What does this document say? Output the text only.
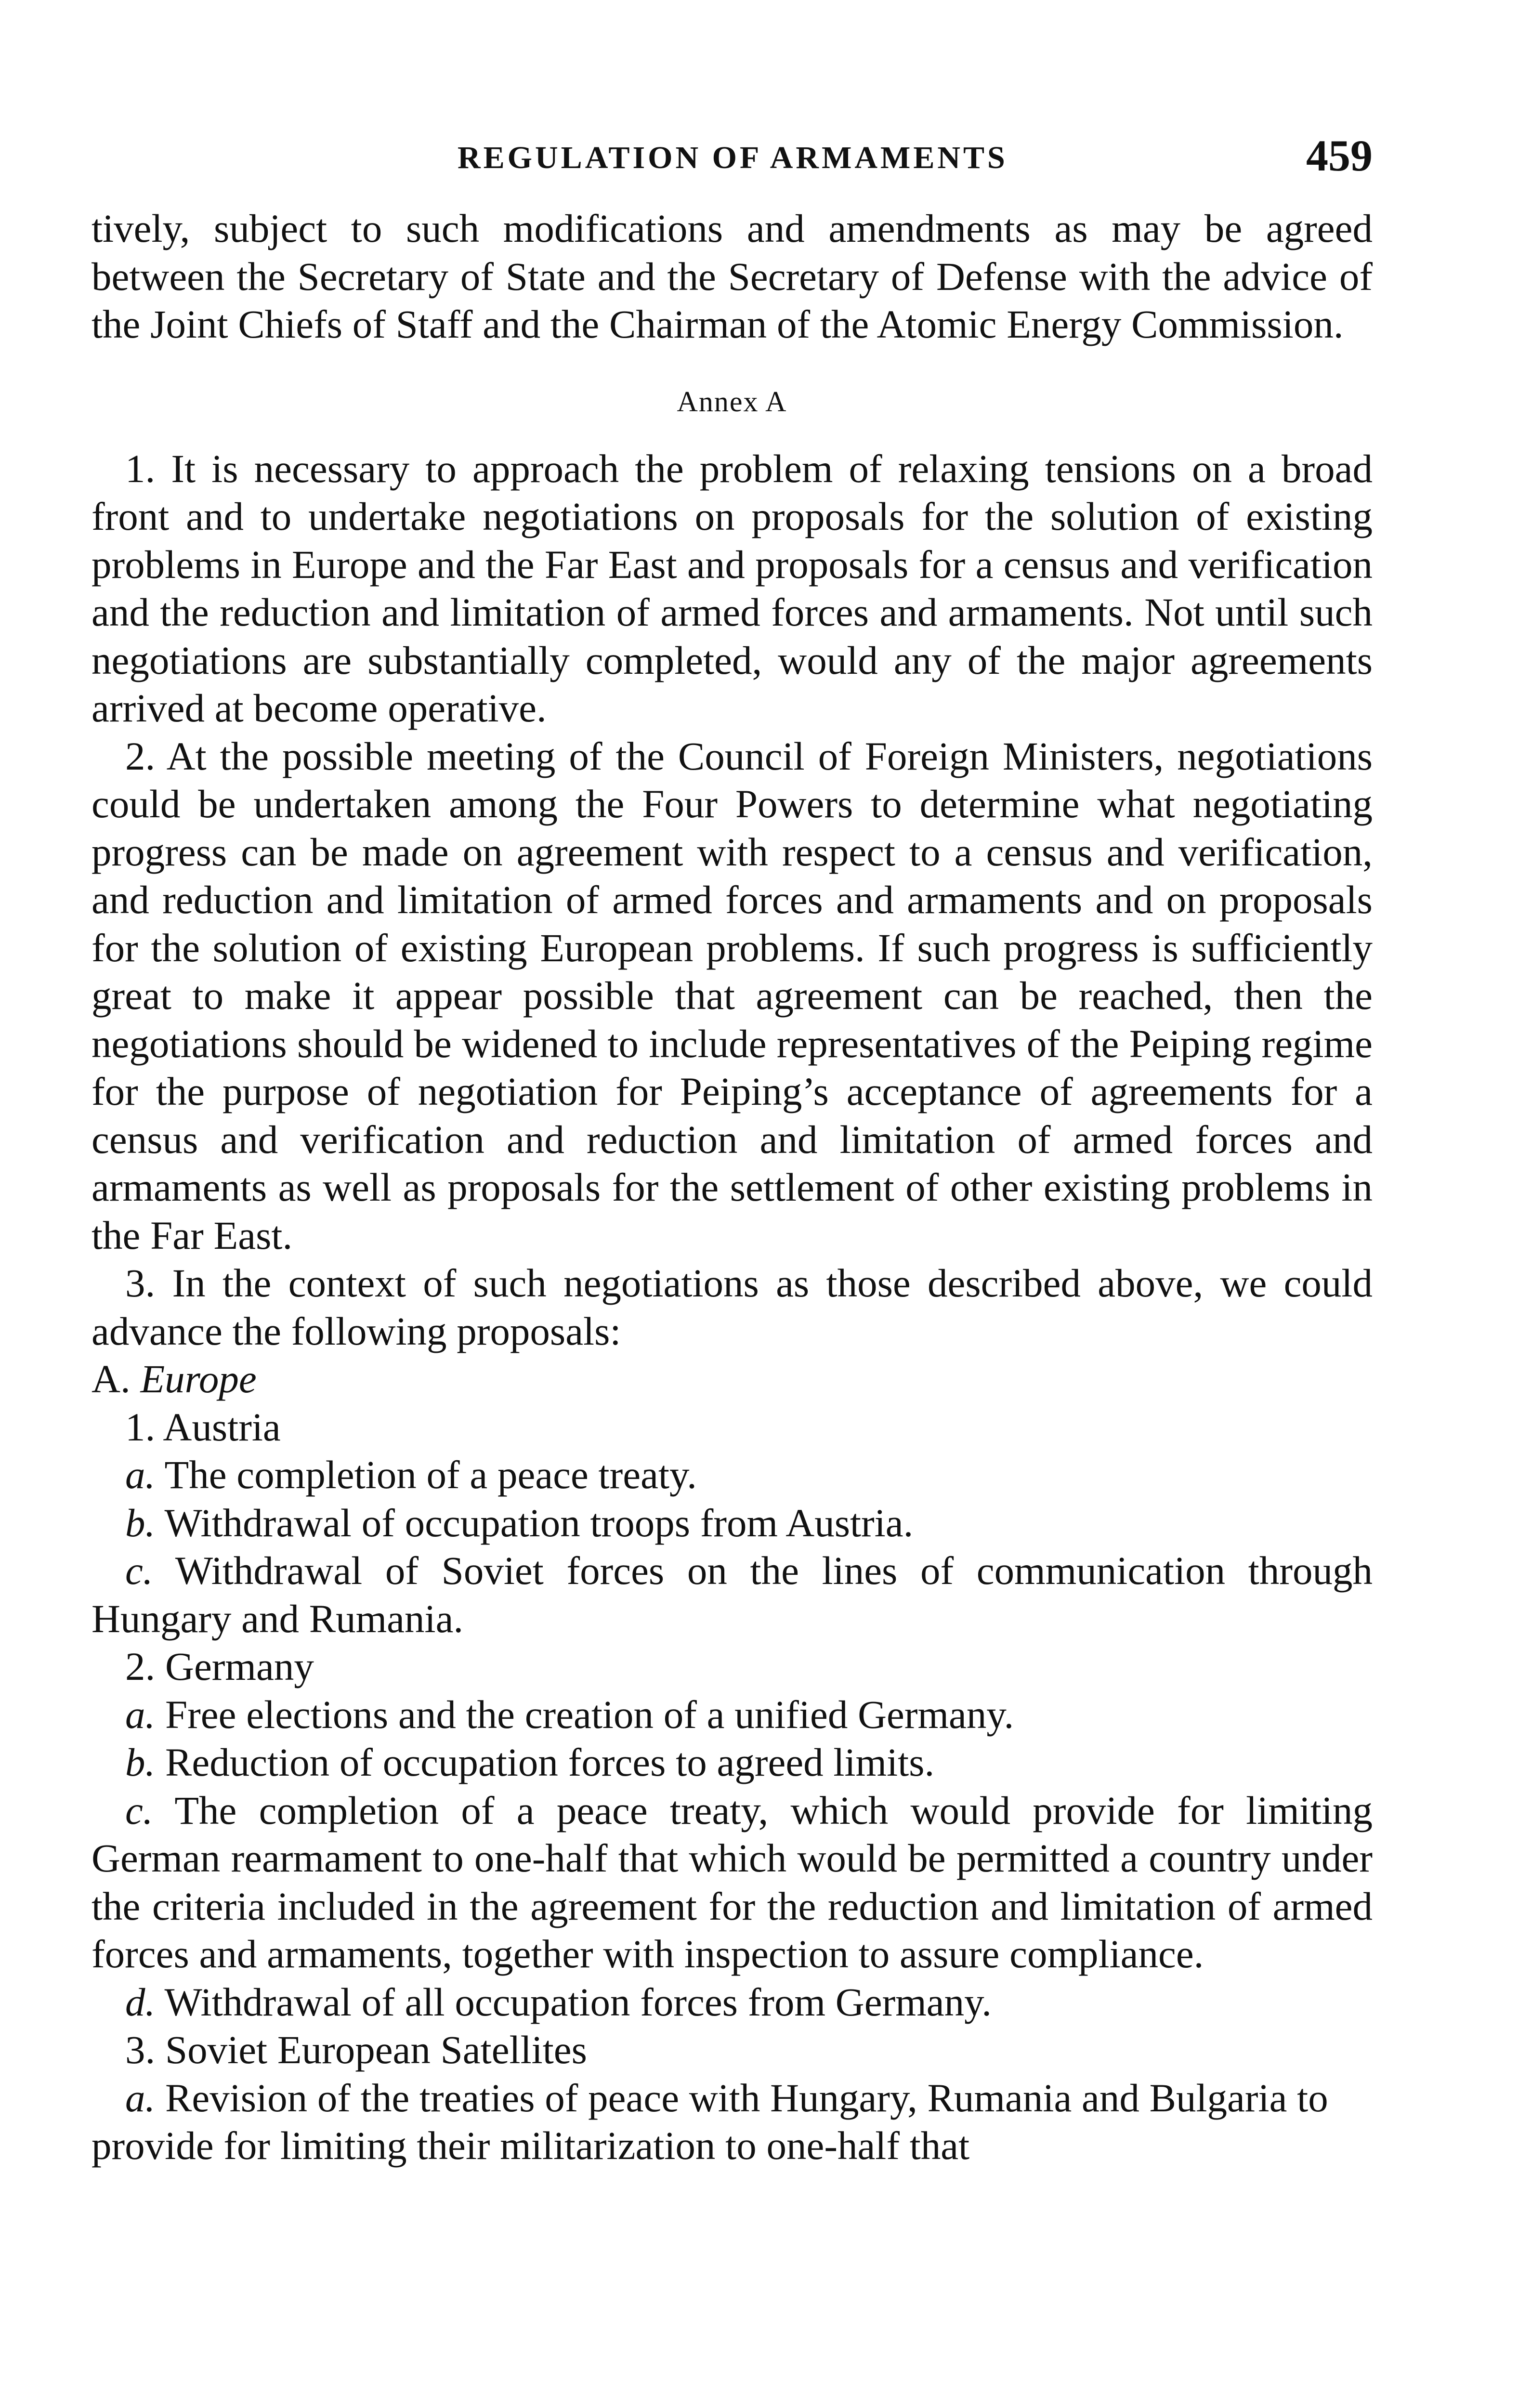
REGULATION OF ARMAMENTS	459

tively, subject to such modifications and amendments as may be agreed between the Secretary of State and the Secretary of Defense with the advice of the Joint Chiefs of Staff and the Chairman of the Atomic Energy Commission.

Annex A

1. It is necessary to approach the problem of relaxing tensions on a broad front and to undertake negotiations on proposals for the solution of existing problems in Europe and the Far East and proposals for a census and verification and the reduction and limitation of armed forces and armaments. Not until such negotiations are substantially completed, would any of the major agreements arrived at become operative.

2. At the possible meeting of the Council of Foreign Ministers, negotiations could be undertaken among the Four Powers to determine what negotiating progress can be made on agreement with respect to a census and verification, and reduction and limitation of armed forces and armaments and on proposals for the solution of existing European problems. If such progress is sufficiently great to make it appear possible that agreement can be reached, then the negotiations should be widened to include representatives of the Peiping regime for the purpose of negotiation for Peiping’s acceptance of agreements for a census and verification and reduction and limitation of armed forces and armaments as well as proposals for the settlement of other existing problems in the Far East.

3. In the context of such negotiations as those described above, we could advance the following proposals:

A. Europe

1. Austria

a. The completion of a peace treaty.

b. Withdrawal of occupation troops from Austria.

c. Withdrawal of Soviet forces on the lines of communication through Hungary and Rumania.

2. Germany

a. Free elections and the creation of a unified Germany.

b. Reduction of occupation forces to agreed limits.

c. The completion of a peace treaty, which would provide for limiting German rearmament to one-half that which would be permitted a country under the criteria included in the agreement for the reduction and limitation of armed forces and armaments, together with inspection to assure compliance.

d. Withdrawal of all occupation forces from Germany.

3. Soviet European Satellites

a. Revision of the treaties of peace with Hungary, Rumania and Bulgaria to provide for limiting their militarization to one-half that
